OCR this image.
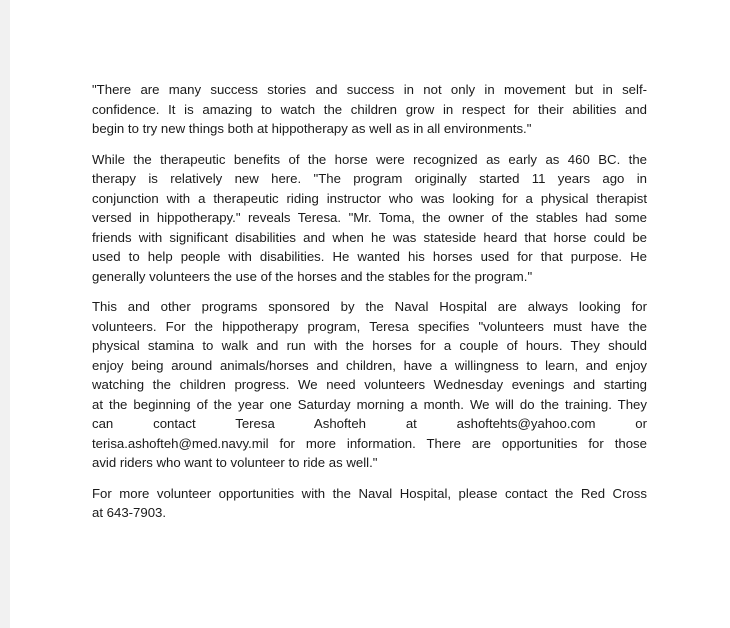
"There are many success stories and success in not only in movement but in self-
confidence. It is amazing to watch the children grow in respect for their abilities and
begin to try new things both at hippotherapy as well as in all environments."

While the therapeutic benefits of the horse were recognized as early as 460 BC. the
therapy is relatively new here. "The program originally started 11 years ago in
conjunction with a therapeutic riding instructor who was looking for a physical therapist
versed in hippotherapy." reveals Teresa. "Mr. Toma, the owner of the stables had some
friends with significant disabilities and when he was stateside heard that horse could be
used to help people with disabilities. He wanted his horses used for that purpose. He
generally volunteers the use of the horses and the stables for the program."

This and other programs sponsored by the Naval Hospital are always looking for
volunteers. For the hippotherapy program, Teresa specifies "volunteers must have the
physical stamina to walk and run with the horses for a couple of hours. They should
enjoy being around animals/horses and children, have a willingness to learn, and enjoy
watching the children progress. We need volunteers Wednesday evenings and starting
at the beginning of the year one Saturday morning a month. We will do the training. They
can contact Teresa Ashofteh at ashoftehts@yahoo.com or
terisa.ashofteh@med.navy.mil for more information. There are opportunities for those
avid riders who want to volunteer to ride as well."

For more volunteer opportunities with the Naval Hospital, please contact the Red Cross
at 643-7903.
